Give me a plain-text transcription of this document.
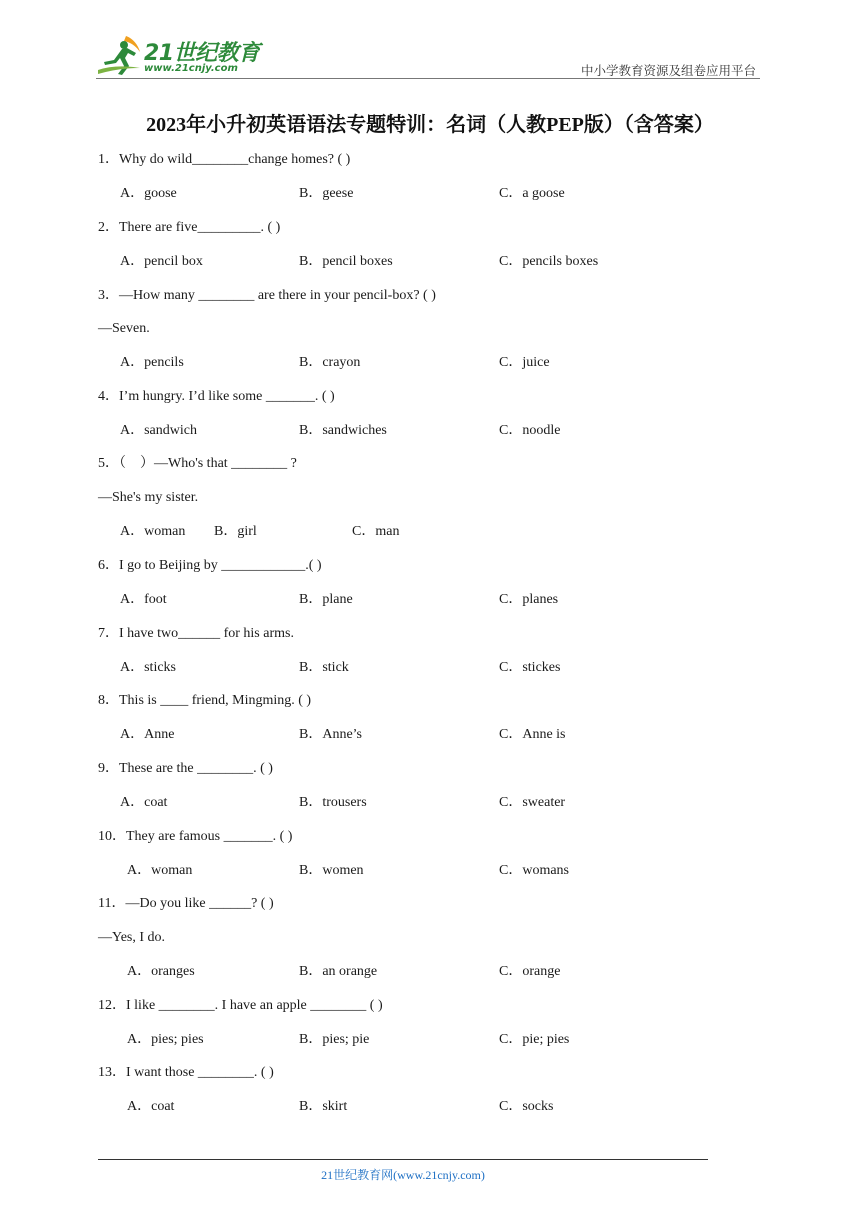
21世纪教育
www.21cnjy.com	中小学教育资源及组卷应用平台
2023年小升初英语语法专题特训：名词（人教PEP版）（含答案）
1．Why do wild________change homes? ( )
A．goose	B．geese	C．a goose
2．There are five_________. ( )
A．pencil box	B．pencil boxes	C．pencils boxes
3．—How many ________ are there in your pencil-box? ( )
—Seven.
A．pencils	B．crayon	C．juice
4．I’m hungry. I’d like some _______. ( )
A．sandwich	B．sandwiches	C．noodle
5．（　）—Who's that ________ ?
—She's my sister.
A．woman B．girl	C．man
6．I go to Beijing by ____________.( )
A．foot	B．plane	C．planes
7．I have two______ for his arms.
A．sticks	B．stick	C．stickes
8．This is ____ friend, Mingming. ( )
A．Anne	B．Anne’s	C．Anne is
9．These are the ________. ( )
A．coat	B．trousers	C．sweater
10．They are famous _______. ( )
A．woman	B．women	C．womans
11．—Do you like ______? ( )
—Yes, I do.
A．oranges	B．an orange	C．orange
12．I like ________. I have an apple ________ ( )
A．pies; pies	B．pies; pie	C．pie; pies
13．I want those ________. ( )
A．coat	B．skirt	C．socks
21世纪教育网(www.21cnjy.com)
